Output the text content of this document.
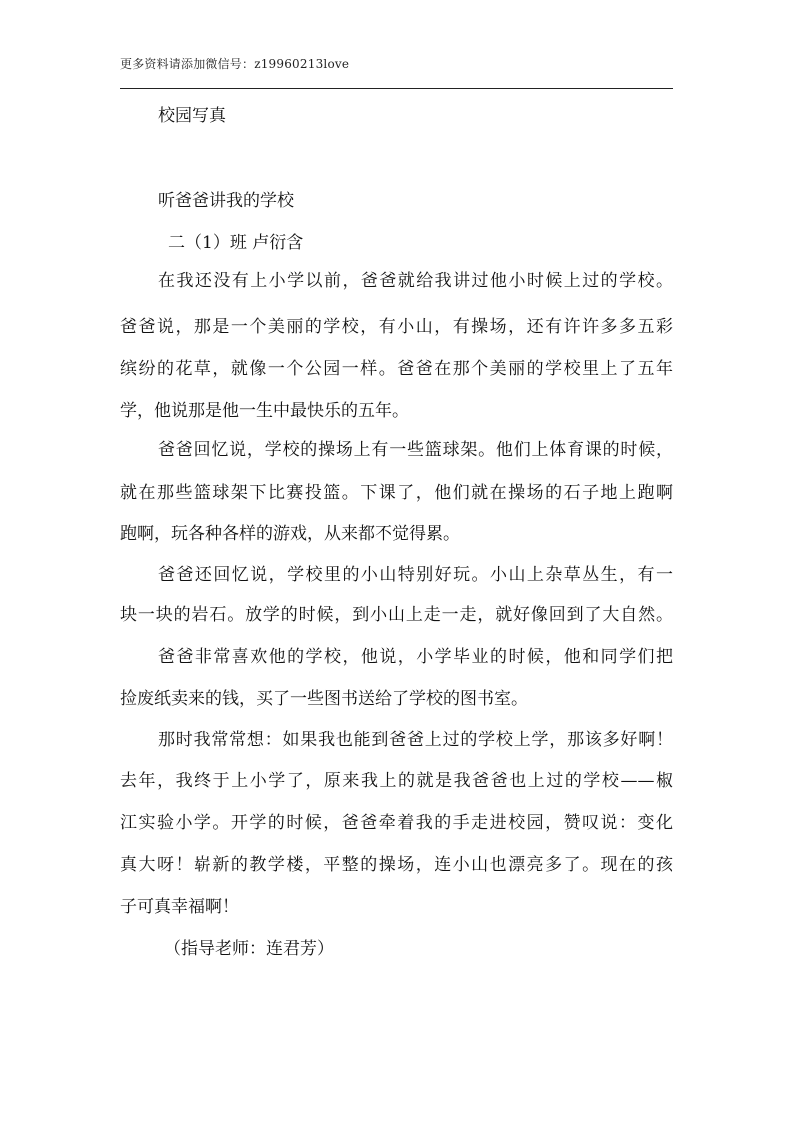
更多资料请添加微信号：z19960213love
校园写真
听爸爸讲我的学校
二（1）班 卢衍含
在我还没有上小学以前，爸爸就给我讲过他小时候上过的学校。
爸爸说，那是一个美丽的学校，有小山，有操场，还有许许多多五彩
缤纷的花草，就像一个公园一样。爸爸在那个美丽的学校里上了五年
学，他说那是他一生中最快乐的五年。
爸爸回忆说，学校的操场上有一些篮球架。他们上体育课的时候，
就在那些篮球架下比赛投篮。下课了，他们就在操场的石子地上跑啊
跑啊，玩各种各样的游戏，从来都不觉得累。
爸爸还回忆说，学校里的小山特别好玩。小山上杂草丛生，有一
块一块的岩石。放学的时候，到小山上走一走，就好像回到了大自然。
爸爸非常喜欢他的学校，他说，小学毕业的时候，他和同学们把
捡废纸卖来的钱，买了一些图书送给了学校的图书室。
那时我常常想：如果我也能到爸爸上过的学校上学，那该多好啊！
去年，我终于上小学了，原来我上的就是我爸爸也上过的学校——椒
江实验小学。开学的时候，爸爸牵着我的手走进校园，赞叹说：变化
真大呀！崭新的教学楼，平整的操场，连小山也漂亮多了。现在的孩
子可真幸福啊！
（指导老师：连君芳）
